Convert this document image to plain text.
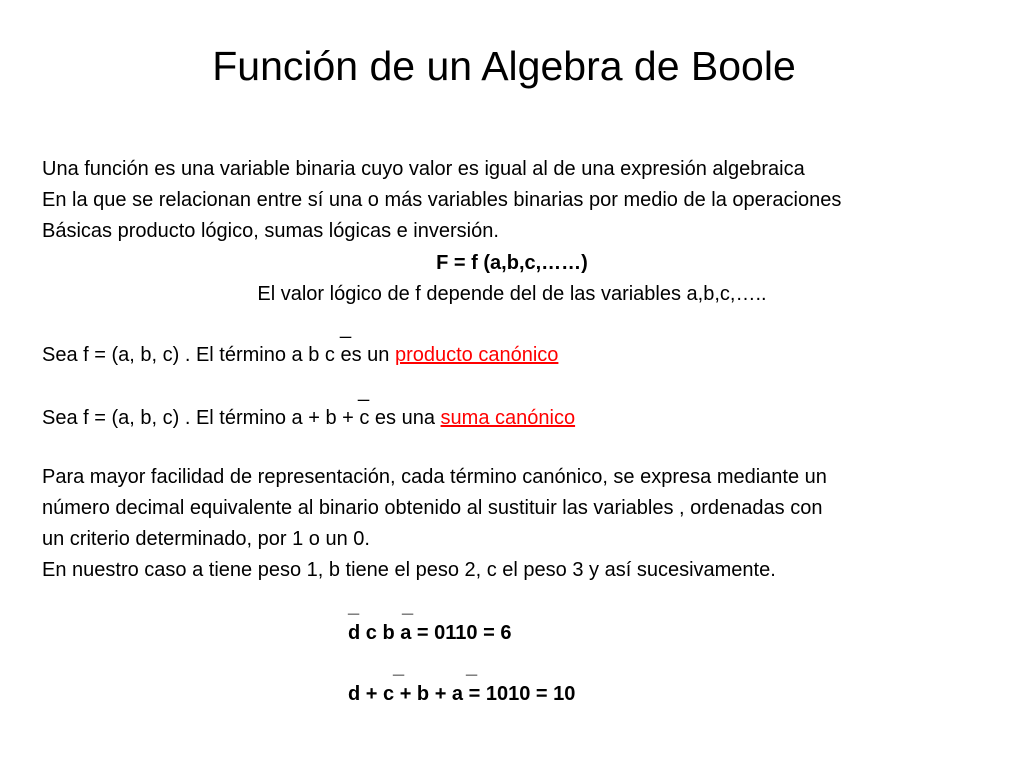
Función de un Algebra de Boole
Una función es una variable binaria cuyo valor es igual al de una expresión algebraica
En la que se relacionan entre sí una o más variables binarias por medio de la operaciones
Básicas producto lógico, sumas lógicas e inversión.
F = f (a,b,c,……)
El valor lógico de f depende del de las variables a,b,c,…..
_
Sea f = (a, b, c) . El término a b c es un producto canónico
_
Sea f = (a, b, c) . El término a + b + c es una suma canónico
Para mayor facilidad de representación, cada término canónico, se expresa mediante un
número decimal equivalente al binario obtenido al sustituir las variables , ordenadas con
un criterio determinado, por 1 o un 0.
En nuestro caso a tiene peso 1, b tiene el peso 2, c el peso 3 y así sucesivamente.
_ _
d c b a = 0110 = 6
_	_
d + c + b + a = 1010 = 10
